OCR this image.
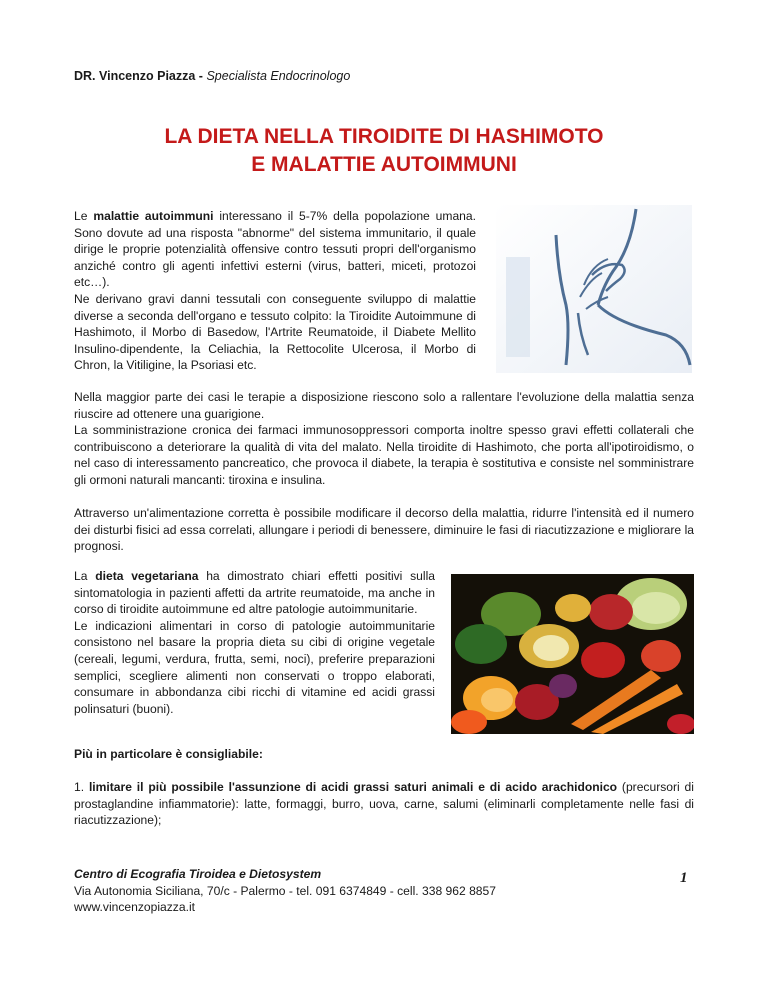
DR. Vincenzo Piazza - Specialista Endocrinologo
LA DIETA NELLA TIROIDITE DI HASHIMOTO
E MALATTIE AUTOIMMUNI

Le malattie autoimmuni interessano il 5-7% della popolazione umana. Sono dovute ad una risposta "abnorme" del sistema immunitario, il quale dirige le proprie potenzialità offensive contro tessuti propri dell'organismo anziché contro gli agenti infettivi esterni (virus, batteri, miceti, protozoi etc…).

Ne derivano gravi danni tessutali con conseguente sviluppo di malattie diverse a seconda dell'organo e tessuto colpito: la Tiroidite Autoimmune di Hashimoto, il Morbo di Basedow, l'Artrite Reumatoide, il Diabete Mellito Insulino-dipendente, la Celiachia, la Rettocolite Ulcerosa, il Morbo di Chron, la Vitiligine, la Psoriasi etc.

Nella maggior parte dei casi le terapie a disposizione riescono solo a rallentare l'evoluzione della malattia senza riuscire ad ottenere una guarigione.

La somministrazione cronica dei farmaci immunosoppressori comporta inoltre spesso gravi effetti collaterali che contribuiscono a deteriorare la qualità di vita del malato. Nella tiroidite di Hashimoto, che porta all'ipotiroidismo, o nel caso di interessamento pancreatico, che provoca il diabete, la terapia è sostitutiva e consiste nel somministrare gli ormoni naturali mancanti: tiroxina e insulina.

Attraverso un'alimentazione corretta è possibile modificare il decorso della malattia, ridurre l'intensità ed il numero dei disturbi fisici ad essa correlati, allungare i periodi di benessere, diminuire le fasi di riacutizzazione e migliorare la prognosi.

La dieta vegetariana ha dimostrato chiari effetti positivi sulla sintomatologia in pazienti affetti da artrite reumatoide, ma anche in corso di tiroidite autoimmune ed altre patologie autoimmunitarie.

Le indicazioni alimentari in corso di patologie autoimmunitarie consistono nel basare la propria dieta su cibi di origine vegetale (cereali, legumi, verdura, frutta, semi, noci), preferire preparazioni semplici, scegliere alimenti non conservati o troppo elaborati, consumare in abbondanza cibi ricchi di vitamine ed acidi grassi polinsaturi (buoni).

Più in particolare è consigliabile:
1. limitare il più possibile l'assunzione di acidi grassi saturi animali e di acido arachidonico (precursori di prostaglandine infiammatorie): latte, formaggi, burro, uova, carne, salumi (eliminarli completamente nelle fasi di riacutizzazione);
1
Centro di Ecografia Tiroidea e Dietosystem
Via Autonomia Siciliana, 70/c - Palermo - tel. 091 6374849 - cell. 338 962 8857
www.vincenzopiazza.it
